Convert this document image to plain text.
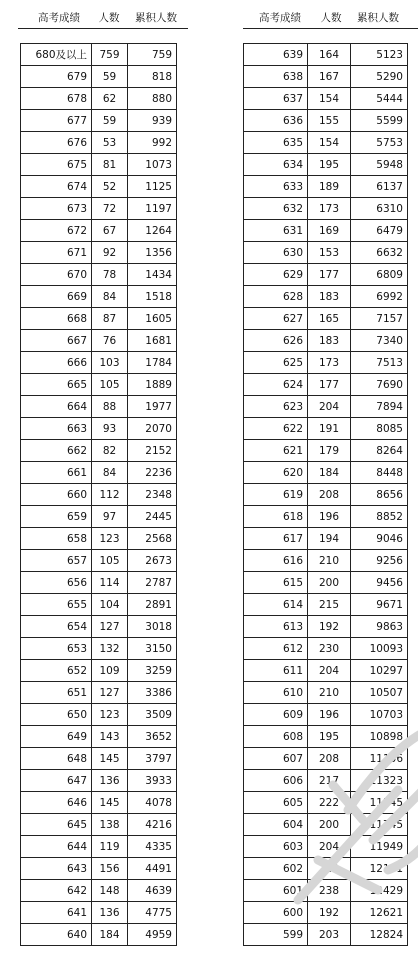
高考成绩	人数	累积人数	高考成绩	人数	累积人数
680及以上	759	759
679	59	818
678	62	880
677	59	939
676	53	992
675	81	1073
674	52	1125
673	72	1197
672	67	1264
671	92	1356
670	78	1434
669	84	1518
668	87	1605
667	76	1681
666	103	1784
665	105	1889
664	88	1977
663	93	2070
662	82	2152
661	84	2236
660	112	2348
659	97	2445
658	123	2568
657	105	2673
656	114	2787
655	104	2891
654	127	3018
653	132	3150
652	109	3259
651	127	3386
650	123	3509
649	143	3652
648	145	3797
647	136	3933
646	145	4078
645	138	4216
644	119	4335
643	156	4491
642	148	4639
641	136	4775
640	184	4959
639	164	5123
638	167	5290
637	154	5444
636	155	5599
635	154	5753
634	195	5948
633	189	6137
632	173	6310
631	169	6479
630	153	6632
629	177	6809
628	183	6992
627	165	7157
626	183	7340
625	173	7513
624	177	7690
623	204	7894
622	191	8085
621	179	8264
620	184	8448
619	208	8656
618	196	8852
617	194	9046
616	210	9256
615	200	9456
614	215	9671
613	192	9863
612	230	10093
611	204	10297
610	210	10507
609	196	10703
608	195	10898
607	208	11106
606	217	11323
605	222	11545
604	200	11745
603	204	11949
602	242	12191
601	238	12429
600	192	12621
599	203	12824
